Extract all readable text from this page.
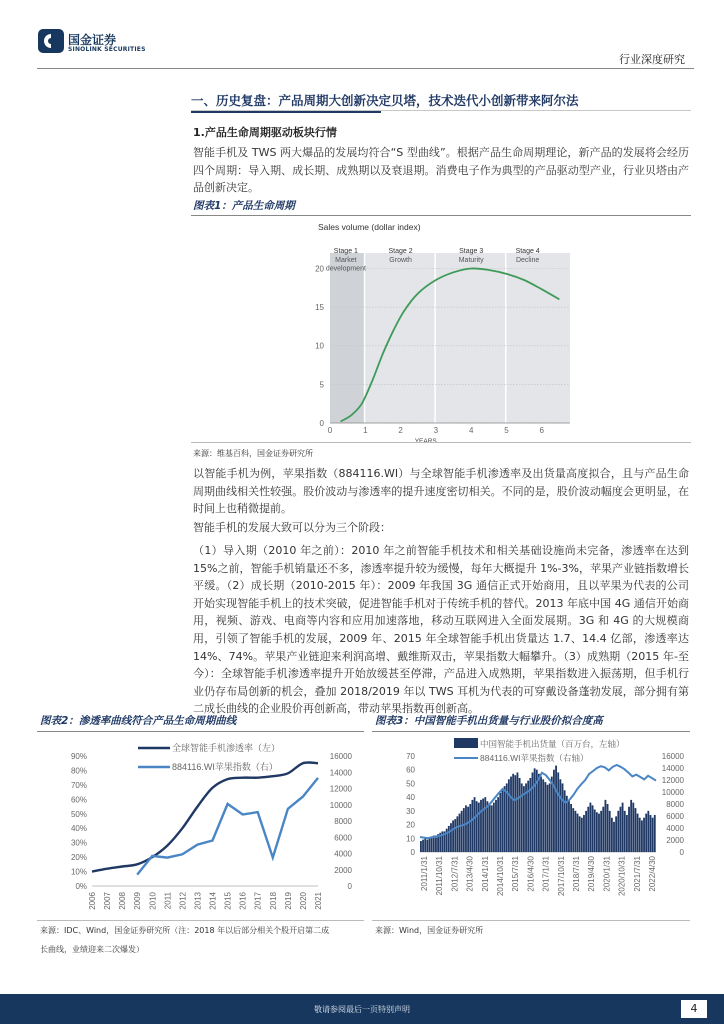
国金证券
SINOLINK SECURITIES
行业深度研究
一、历史复盘：产品周期大创新决定贝塔，技术迭代小创新带来阿尔法
1.产品生命周期驱动板块行情
智能手机及 TWS 两大爆品的发展均符合“S 型曲线”。根据产品生命周期理论，新产品的发展将会经历四个周期：导入期、成长期、成熟期以及衰退期。消费电子作为典型的产品驱动型产业，行业贝塔由产品创新决定。
图表1：产品生命周期
0
5
10
15
20
0	1	2	3	4	5	6
YEARS
Stage 1
Market
development
Stage 2
Growth
Stage 3
Maturity
Stage 4
Decline
Sales volume (dollar index)
来源：维基百科，国金证券研究所
以智能手机为例，苹果指数（884116.WI）与全球智能手机渗透率及出货量高度拟合，且与产品生命周期曲线相关性较强。股价波动与渗透率的提升速度密切相关。不同的是，股价波动幅度会更明显，在时间上也稍微提前。
智能手机的发展大致可以分为三个阶段：
（1）导入期（2010 年之前）：2010 年之前智能手机技术和相关基础设施尚未完备，渗透率在达到 15%之前，智能手机销量还不多，渗透率提升较为缓慢，每年大概提升 1%-3%，苹果产业链指数增长平缓。（2）成长期（2010-2015 年）：2009 年我国 3G 通信正式开始商用，且以苹果为代表的公司开始实现智能手机上的技术突破，促进智能手机对于传统手机的替代。2013 年底中国 4G 通信开始商用，视频、游戏、电商等内容和应用加速落地，移动互联网进入全面发展期。3G 和 4G 的大规模商用，引领了智能手机的发展，2009 年、2015 年全球智能手机出货量达 1.7、14.4 亿部，渗透率达 14%、74%。苹果产业链迎来利润高增、戴维斯双击，苹果指数大幅攀升。（3）成熟期（2015 年-至今）：全球智能手机渗透率提升开始放缓甚至停滞，产品进入成熟期，苹果指数进入振荡期，但手机行业仍存布局创新的机会，叠加 2018/2019 年以 TWS 耳机为代表的可穿戴设备蓬勃发展，部分拥有第二成长曲线的企业股价再创新高，带动苹果指数再创新高。
图表2：渗透率曲线符合产品生命周期曲线
0%
10%
20%
30%
40%
50%
60%
70%
80%
90%
0
2000
4000
6000
8000
10000
12000
14000
16000
2006 2007 2008 2009 2010 2011 2012 2013 2014 2015 2016 2017 2018 2019 2020 2021
全球智能手机渗透率（左）
884116.WI苹果指数（右）
来源：IDC、Wind，国金证券研究所（注：2018 年以后部分相关个股开启第二成
长曲线，业绩迎来二次爆发）
图表3：中国智能手机出货量与行业股价拟合度高
0
10
20
30
40
50
60
70
0
2000
4000
6000
8000
10000
12000
14000
16000
2011/1/31 2011/10/31 2012/7/31 2013/4/30 2014/1/31 2014/10/31 2015/7/31 2016/4/30 2017/1/31 2017/10/31 2018/7/31 2019/4/30 2020/1/31 2020/10/31 2021/7/31 2022/4/30
中国智能手机出货量（百万台，左轴）
884116.WI苹果指数（右轴）
来源：Wind，国金证券研究所
敬请参阅最后一页特别声明	4
